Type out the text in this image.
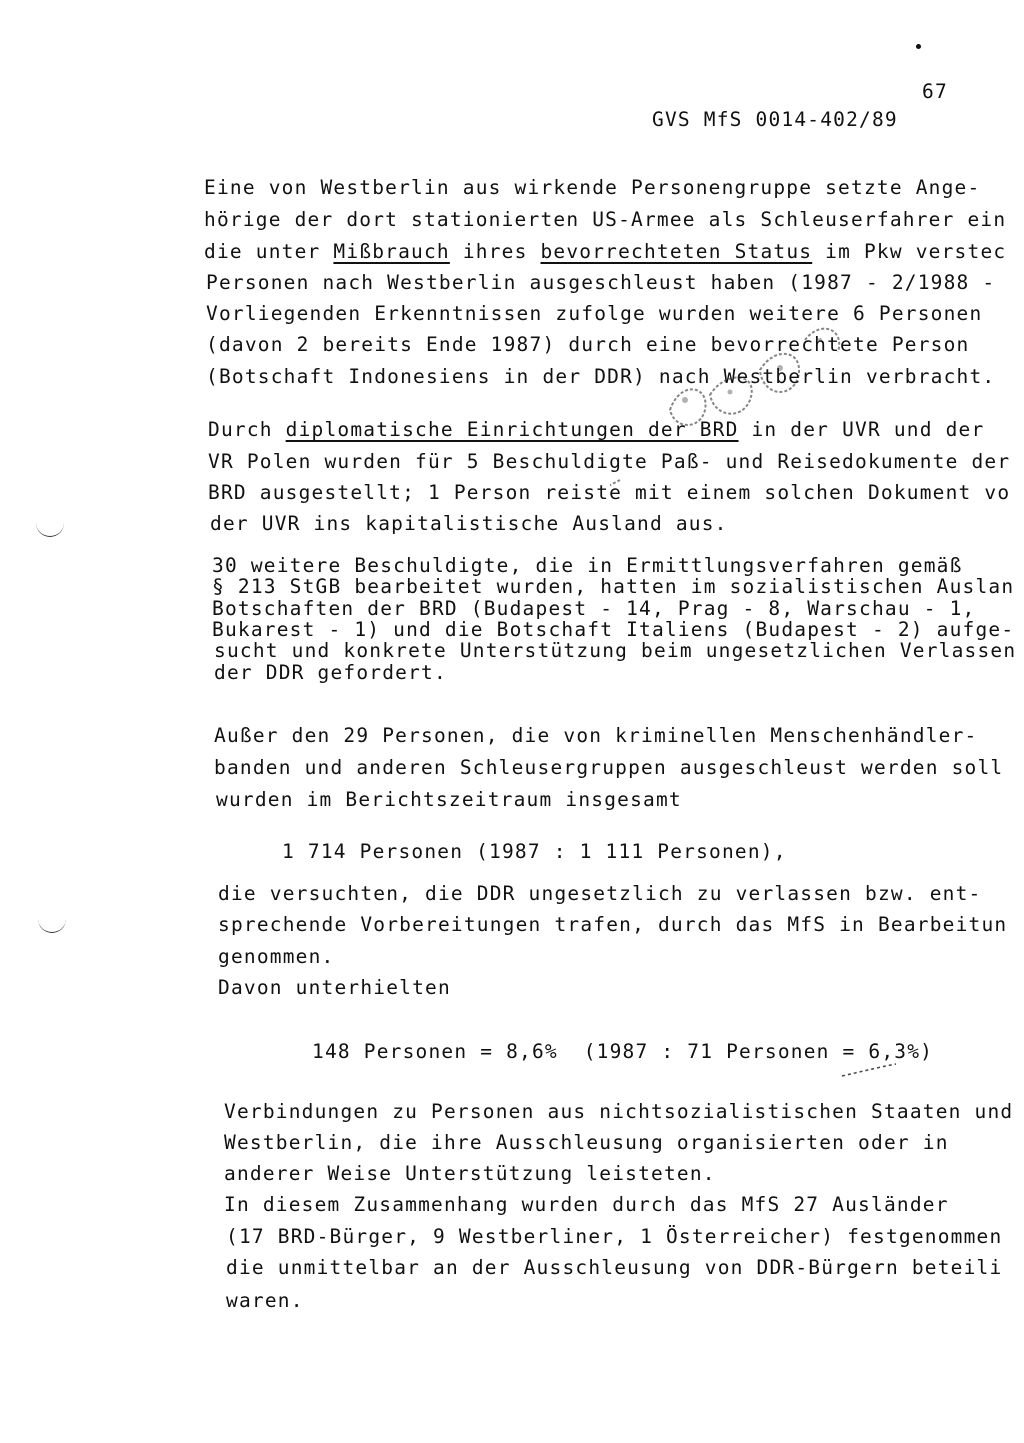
67
GVS MfS 0014-402/89
Eine von Westberlin aus wirkende Personengruppe setzte Ange-
hörige der dort stationierten US-Armee als Schleuserfahrer ein
die unter Mißbrauch ihres bevorrechteten Status im Pkw verstec
Personen nach Westberlin ausgeschleust haben (1987 - 2/1988 -
Vorliegenden Erkenntnissen zufolge wurden weitere 6 Personen
(davon 2 bereits Ende 1987) durch eine bevorrechtete Person
(Botschaft Indonesiens in der DDR) nach Westberlin verbracht.
Durch diplomatische Einrichtungen der BRD in der UVR und der
VR Polen wurden für 5 Beschuldigte Paß- und Reisedokumente der
BRD ausgestellt; 1 Person reiste mit einem solchen Dokument vo
der UVR ins kapitalistische Ausland aus.
30 weitere Beschuldigte, die in Ermittlungsverfahren gemäß
§ 213 StGB bearbeitet wurden, hatten im sozialistischen Auslan
Botschaften der BRD (Budapest - 14, Prag - 8, Warschau - 1,
Bukarest - 1) und die Botschaft Italiens (Budapest - 2) aufge-
sucht und konkrete Unterstützung beim ungesetzlichen Verlassen
der DDR gefordert.
Außer den 29 Personen, die von kriminellen Menschenhändler-
banden und anderen Schleusergruppen ausgeschleust werden soll
wurden im Berichtszeitraum insgesamt
1 714 Personen (1987 : 1 111 Personen),
die versuchten, die DDR ungesetzlich zu verlassen bzw. ent-
sprechende Vorbereitungen trafen, durch das MfS in Bearbeitun
genommen.
Davon unterhielten
148 Personen = 8,6%  (1987 : 71 Personen = 6,3%)
Verbindungen zu Personen aus nichtsozialistischen Staaten und
Westberlin, die ihre Ausschleusung organisierten oder in
anderer Weise Unterstützung leisteten.
In diesem Zusammenhang wurden durch das MfS 27 Ausländer
(17 BRD-Bürger, 9 Westberliner, 1 Österreicher) festgenommen
die unmittelbar an der Ausschleusung von DDR-Bürgern beteili
waren.
